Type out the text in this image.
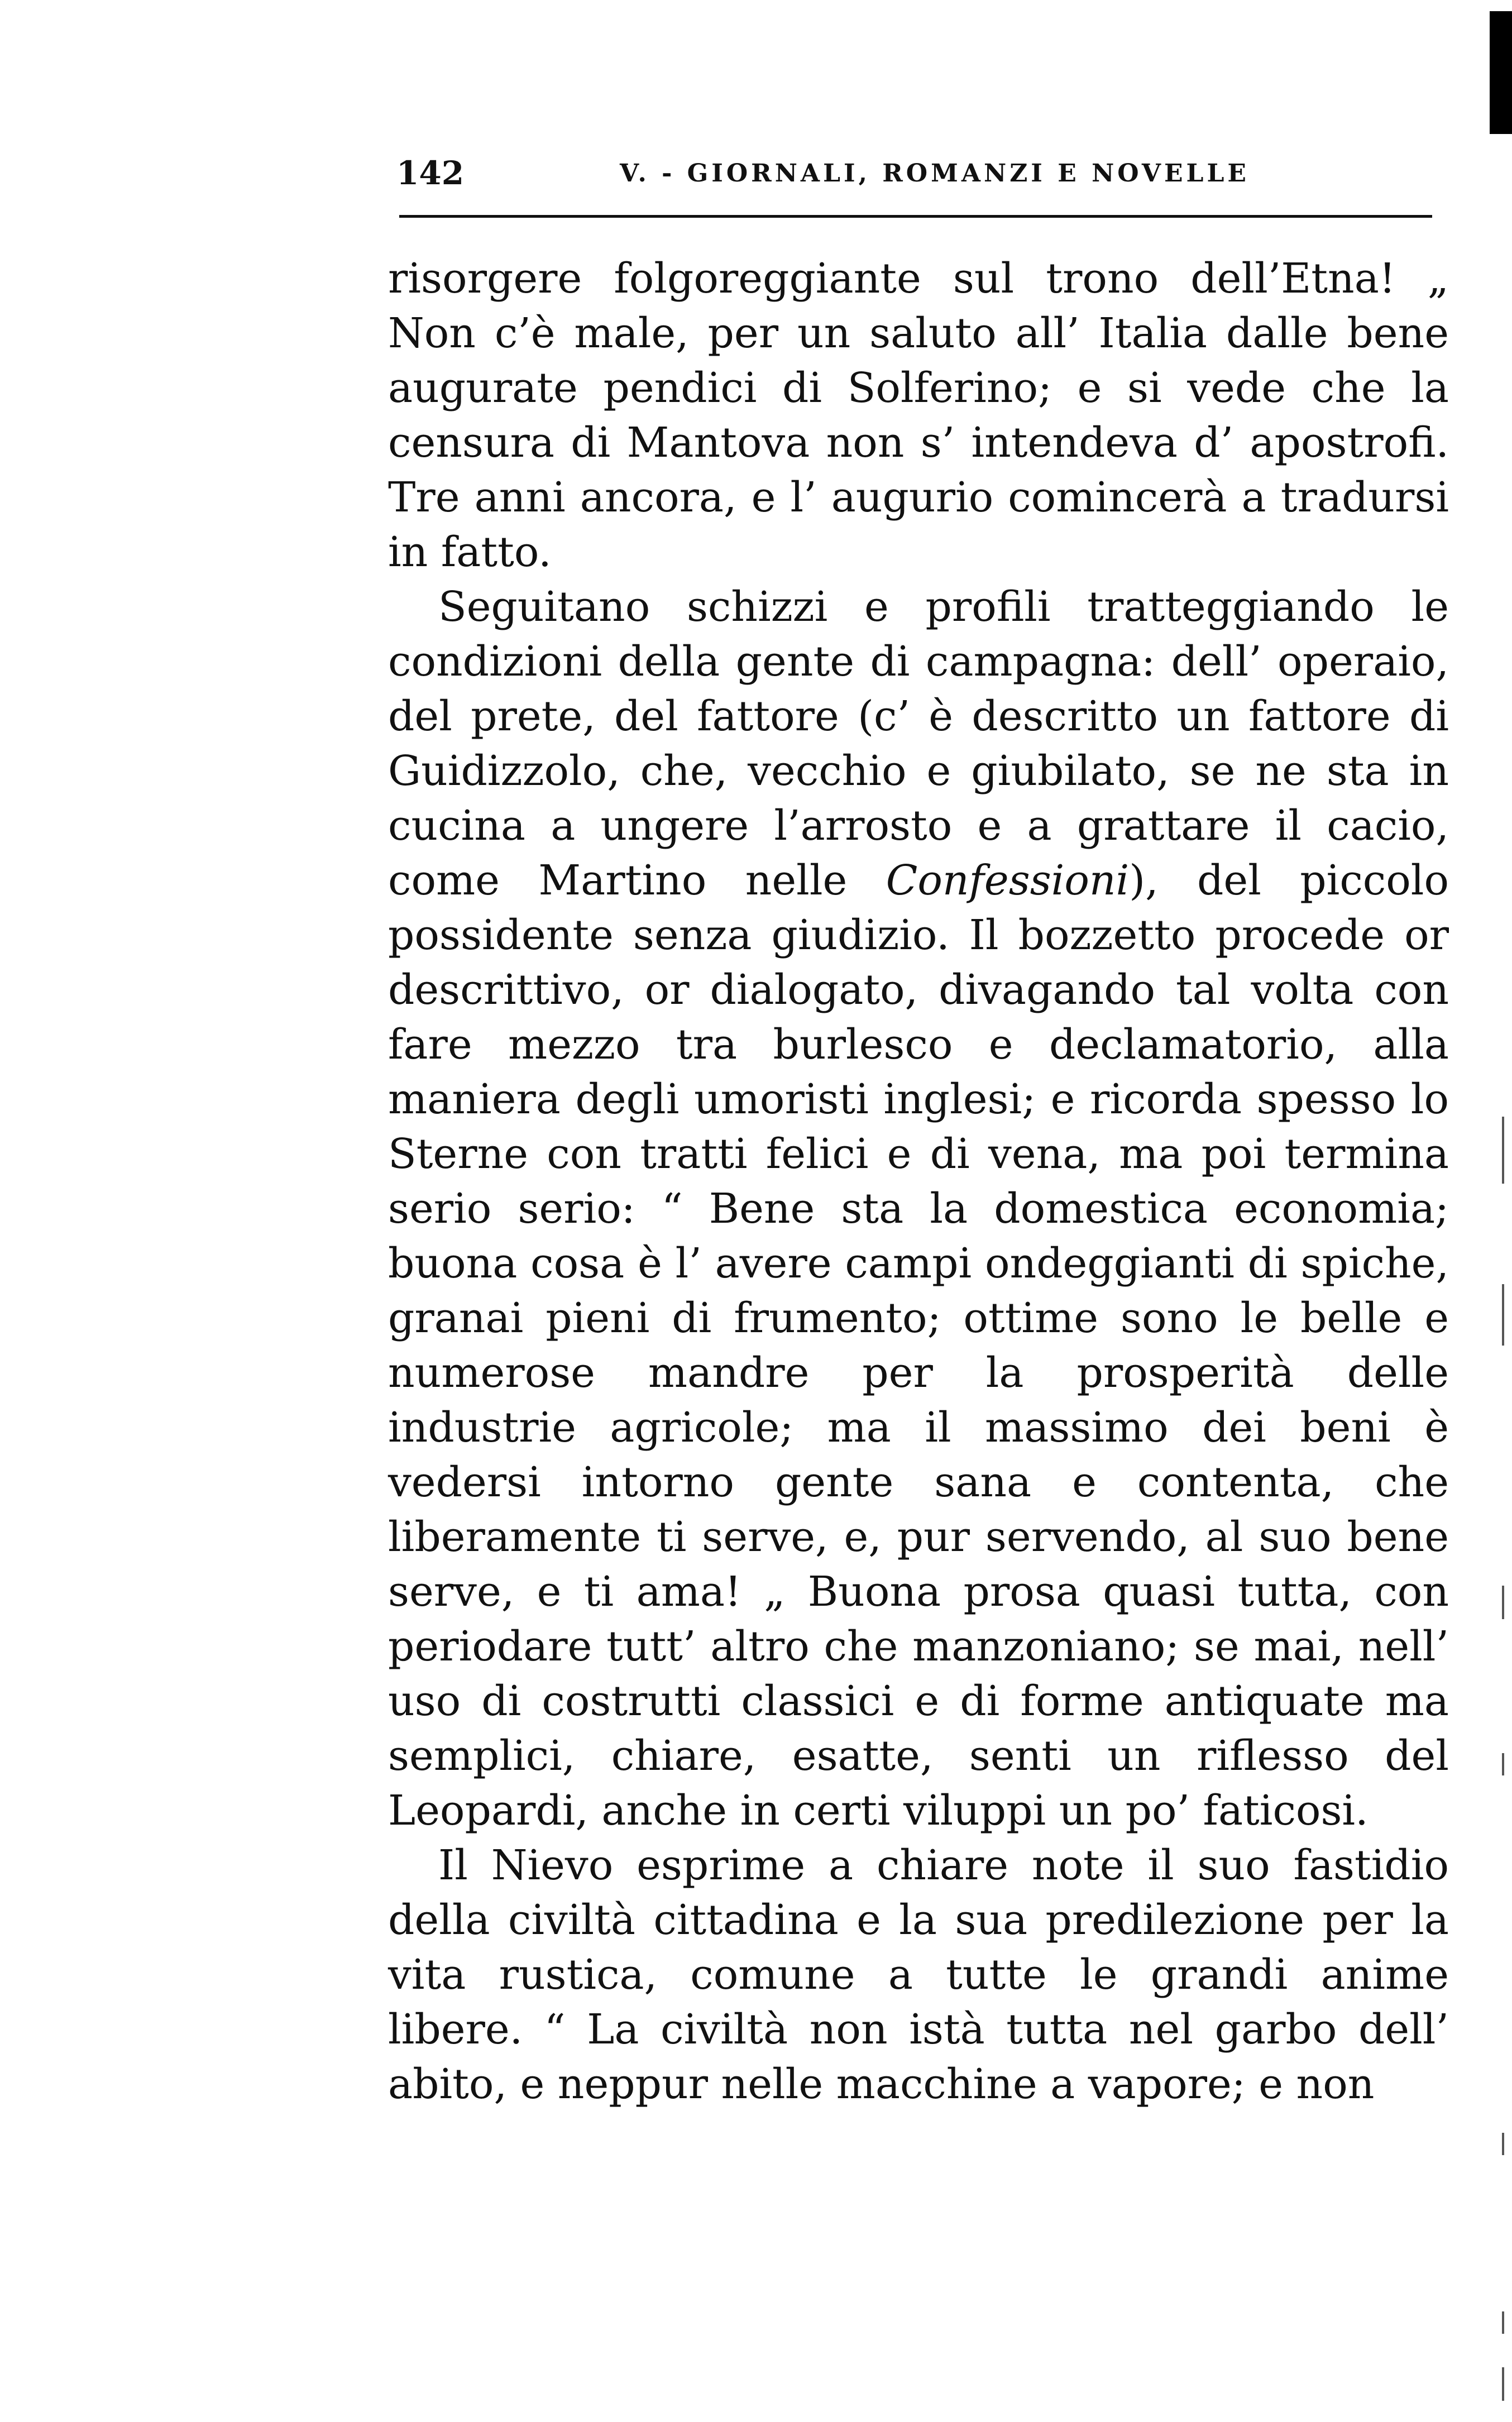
142	V. - GIORNALI, ROMANZI E NOVELLE

risorgere folgoreggiante sul trono dell’Etna! „ Non c’è male, per un saluto all’ Italia dalle bene augurate pendici di Solferino; e si vede che la censura di Mantova non s’ intendeva d’ apostrofi. Tre anni ancora, e l’ augurio comincerà a tradursi in fatto.

Seguitano schizzi e profili tratteggiando le condizioni della gente di campagna: dell’ operaio, del prete, del fattore (c’ è descritto un fattore di Guidizzolo, che, vecchio e giubilato, se ne sta in cucina a ungere l’arrosto e a grattare il cacio, come Martino nelle Confessioni), del piccolo possidente senza giudizio. Il bozzetto procede or descrittivo, or dialogato, divagando tal volta con fare mezzo tra burlesco e declamatorio, alla maniera degli umoristi inglesi; e ricorda spesso lo Sterne con tratti felici e di vena, ma poi termina serio serio: “ Bene sta la domestica economia; buona cosa è l’ avere campi ondeggianti di spiche, granai pieni di frumento; ottime sono le belle e numerose mandre per la prosperità delle industrie agricole; ma il massimo dei beni è vedersi intorno gente sana e contenta, che liberamente ti serve, e, pur servendo, al suo bene serve, e ti ama! „ Buona prosa quasi tutta, con periodare tutt’ altro che manzoniano; se mai, nell’ uso di costrutti classici e di forme antiquate ma semplici, chiare, esatte, senti un riflesso del Leopardi, anche in certi viluppi un po’ faticosi.

Il Nievo esprime a chiare note il suo fastidio della civiltà cittadina e la sua predilezione per la vita rustica, comune a tutte le grandi anime libere. “ La civiltà non istà tutta nel garbo dell’ abito, e neppur nelle macchine a vapore; e non
